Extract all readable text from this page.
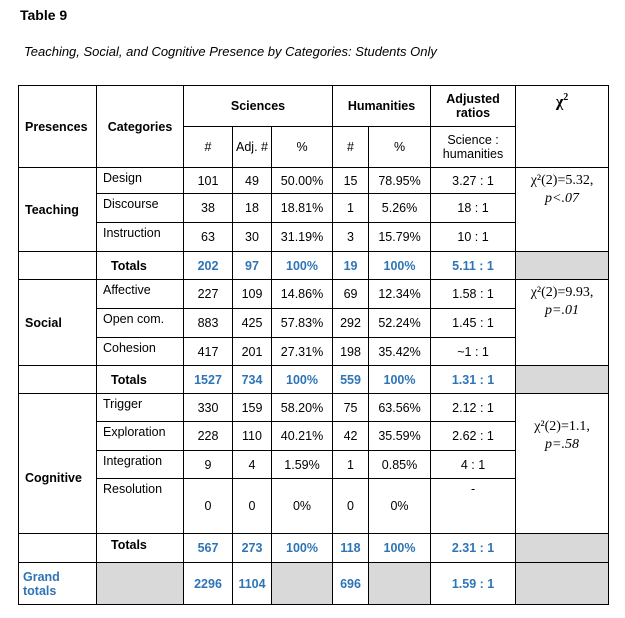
Table 9
Teaching, Social, and Cognitive Presence by Categories: Students Only
Presences	Categories	Sciences			Humanities		Adjusted ratios	$\chi^2$
		#	Adj. #	%	#	%	Science : humanities	
Teaching	Design	101	49	50.00%	15	78.95%	3.27 : 1	χ²(2)=5.32,
p<.07

	Discourse	38	18	18.81%	1	5.26%	18 : 1	
	Instruction	63	30	31.19%	3	15.79%	10 : 1	
	Totals	202	97	100%	19	100%	5.11 : 1	
Social	Affective	227	109	14.86%	69	12.34%	1.58 : 1	χ²(2)=9.93,
p=.01

	Open com.	883	425	57.83%	292	52.24%	1.45 : 1	
	Cohesion	417	201	27.31%	198	35.42%	~1 : 1	
	Totals	1527	734	100%	559	100%	1.31 : 1	
Cognitive	Trigger	330	159	58.20%	75	63.56%	2.12 : 1	χ²(2)=1.1,
p=.58

	Exploration	228	110	40.21%	42	35.59%	2.62 : 1	
	Integration	9	4	1.59%	1	0.85%	4 : 1	
	Resolution	0	0	0%	0	0%	-	
	Totals	567	273	100%	118	100%	2.31 : 1	
Grand totals		2296	1104		696		1.59 : 1	
